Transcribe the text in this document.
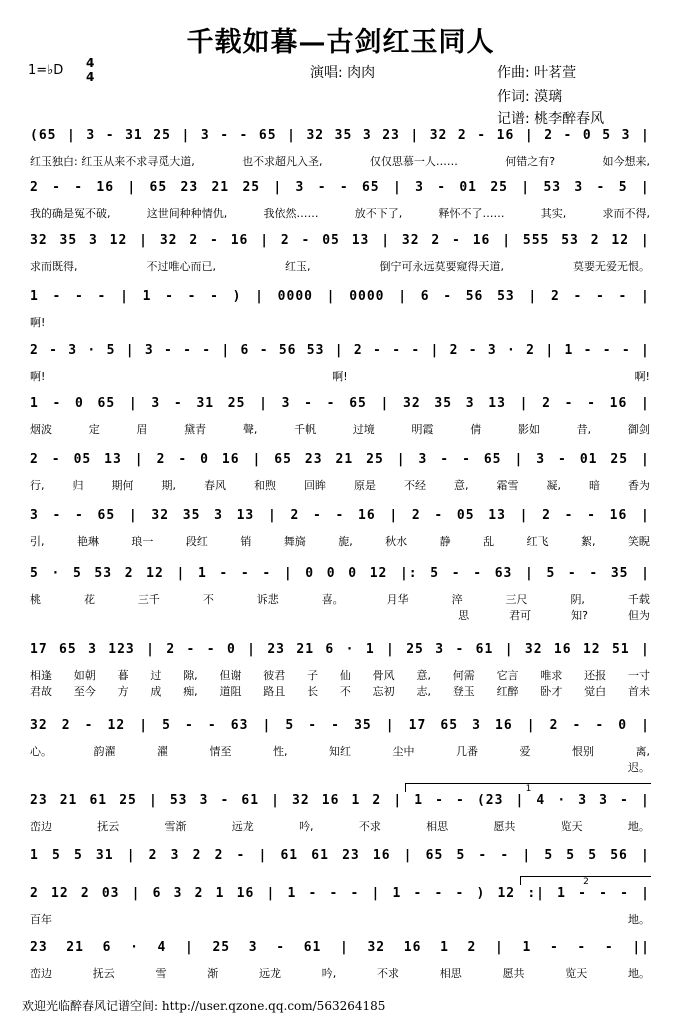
千载如暮—古剑红玉同人
1=♭D 4
4	演唱: 肉肉	作曲: 叶茗萱
作词: 漠璃
记谱: 桃李醉春风
(65 | 3 - 31 25 | 3 - - 65 | 32 35 3 23 | 32 2 - 16 | 2 - 0 5 3 |
红玉独白: 红玉从来不求寻觅大道,	也不求超凡入圣,	仅仅思慕一人……	何错之有?	如今想来,
2 - - 16 | 65 23 21 25 | 3 - - 65 | 3 - 01 25 | 53 3 - 5 |
我的确是冤不破,	这世间种种情仇,	我依然……	放不下了,	释怀不了……	其实,	求而不得,
32 35 3 12 | 32 2 - 16 | 2 - 05 13 | 32 2 - 16 | 555 53 2 12 |
求而既得,	不过唯心而已,	红玉,	倒宁可永远莫要窥得天道,	莫要无爱无恨。
1 - - - | 1 - - - ) | 0000 | 0000 | 6 - 56 53 | 2 - - - |
啊!
2 - 3 · 5 | 3 - - - | 6 - 56 53 | 2 - - - | 2 - 3 · 2 | 1 - - - |
啊!	啊!	啊!
1 - 0 65 | 3 - 31 25 | 3 - - 65 | 32 35 3 13 | 2 - - 16 |
烟波	定	眉	黛青	聲,	千帆	过境	明霞	倩	影如	昔,	御剑
2 - 05 13 | 2 - 0 16 | 65 23 21 25 | 3 - - 65 | 3 - 01 25 |
行,	归	期何	期,	春风	和煦	回眸	原是	不经	意,	霜雪	凝,	暗	香为
3 - - 65 | 32 35 3 13 | 2 - - 16 | 2 - 05 13 | 2 - - 16 |
引,	艳琳	琅一	段红	销	舞旖	旎,	秋水	静	乱	红飞	絮,	笑睨
5 · 5 53 2 12 | 1 - - - | 0 0 0 12 |: 5 - - 63 | 5 - - 35 |
桃	花	三千	不	诉悲	喜。	月华	淬	三尺	阴,	千载
思	君可	知?	但为
17 65 3 123 | 2 - - 0 | 23 21 6 · 1 | 25 3 - 61 | 32 16 12 51 |
相逢 如朝 暮 过 隙, 但谢 彼君 子 仙 骨风 意, 何需 它言 唯求 还报 一寸
君故 至今 方 成 痴, 道阻 路且 长 不 忘初 志, 登玉 红醉 卧才 觉白 首未
32 2 - 12 | 5 - - 63 | 5 - - 35 | 17 65 3 16 | 2 - - 0 |
心。	韵濯	濯	情至	性,	知红	尘中	几番	爱	恨别	离,
迟。
23 21 61 25 | 53 3 - 61 | 32 16 1 2 | 1 - - (23 | 4 · 3 3 - |
峦边	抚云	雪渐	远龙	吟,	不求	相思	愿共	览天	地。
1
1 5 5 31 | 2 3 2 2 - | 61 61 23 16 | 65 5 - - | 5 5 5 56 |
2 12 2 03 | 6 3 2 1 16 | 1 - - - | 1 - - - ) 12 :| 1 - - - |
百年	地。
2
23 21 6 · 4 | 25 3 - 61 | 32 16 1 2 | 1 - - - ||
峦边	抚云	雪	渐	远龙	吟,	不求	相思	愿共	览天	地。
欢迎光临醉春风记谱空间: http://user.qzone.qq.com/563264185
